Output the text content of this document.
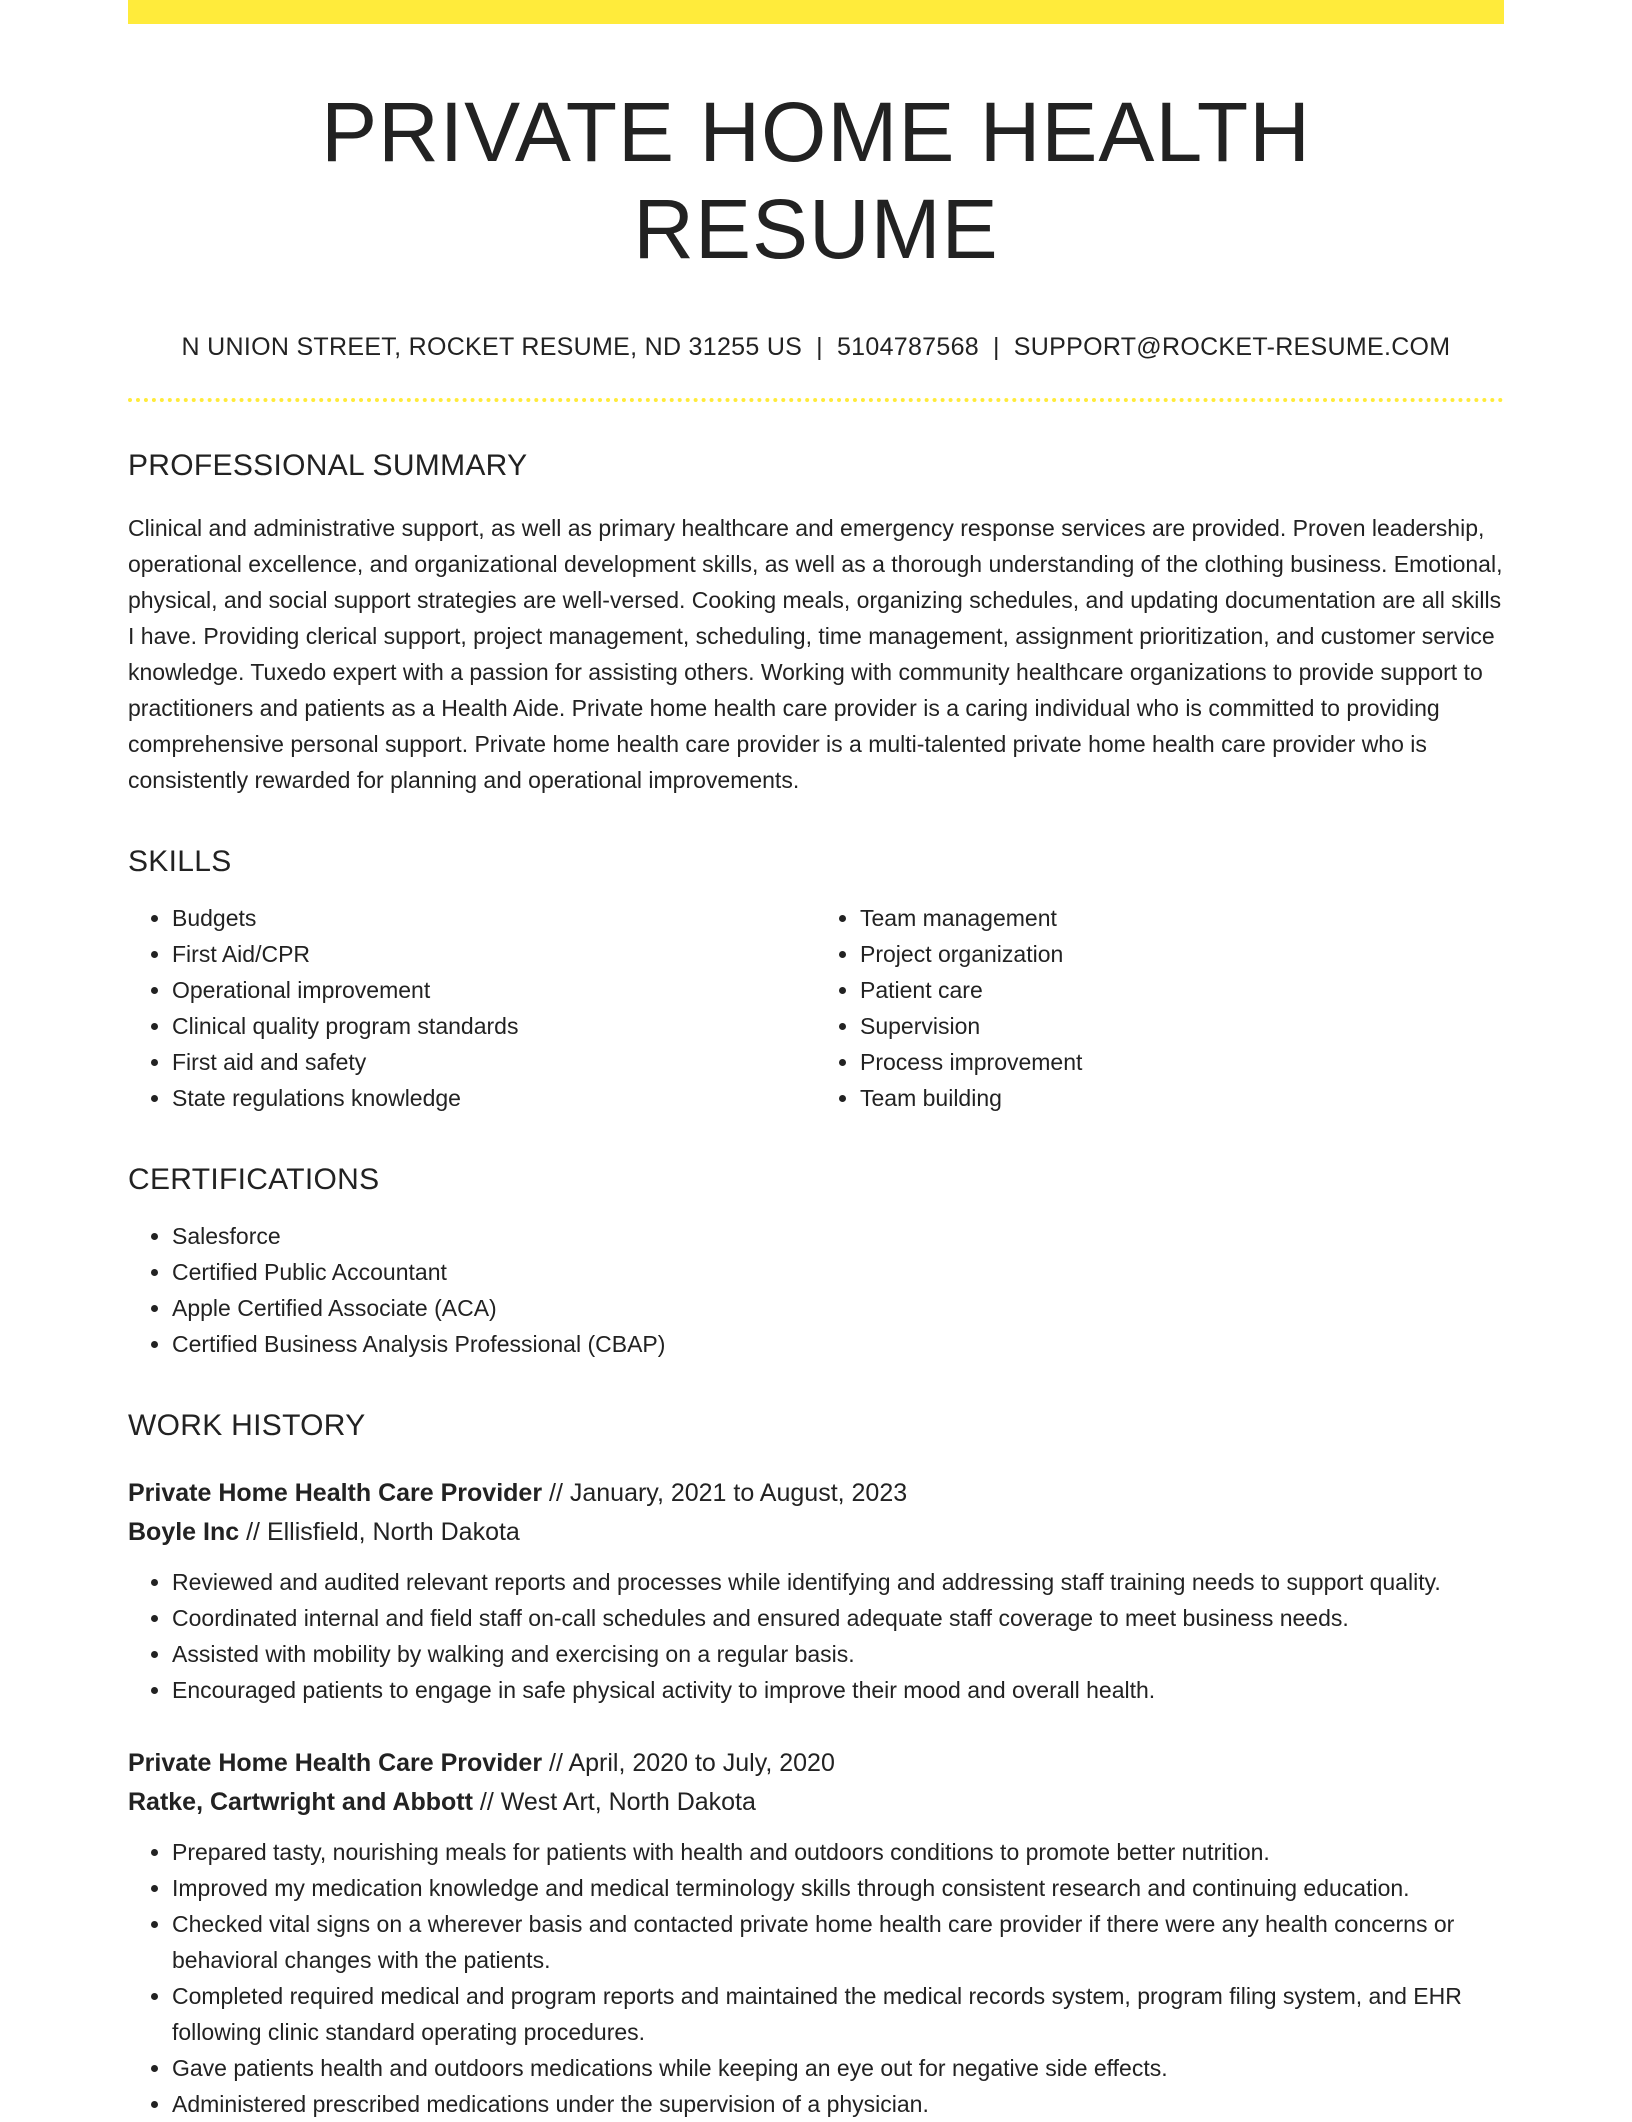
PRIVATE HOME HEALTH RESUME
N UNION STREET, ROCKET RESUME, ND 31255 US | 5104787568 | SUPPORT@ROCKET-RESUME.COM
PROFESSIONAL SUMMARY
Clinical and administrative support, as well as primary healthcare and emergency response services are provided. Proven leadership, operational excellence, and organizational development skills, as well as a thorough understanding of the clothing business. Emotional, physical, and social support strategies are well-versed. Cooking meals, organizing schedules, and updating documentation are all skills I have. Providing clerical support, project management, scheduling, time management, assignment prioritization, and customer service knowledge. Tuxedo expert with a passion for assisting others. Working with community healthcare organizations to provide support to practitioners and patients as a Health Aide. Private home health care provider is a caring individual who is committed to providing comprehensive personal support. Private home health care provider is a multi-talented private home health care provider who is consistently rewarded for planning and operational improvements.
SKILLS
• Budgets
• First Aid/CPR
• Operational improvement
• Clinical quality program standards
• First aid and safety
• State regulations knowledge
• Team management
• Project organization
• Patient care
• Supervision
• Process improvement
• Team building
CERTIFICATIONS
• Salesforce
• Certified Public Accountant
• Apple Certified Associate (ACA)
• Certified Business Analysis Professional (CBAP)
WORK HISTORY
Private Home Health Care Provider // January, 2021 to August, 2023
Boyle Inc // Ellisfield, North Dakota
• Reviewed and audited relevant reports and processes while identifying and addressing staff training needs to support quality.
• Coordinated internal and field staff on-call schedules and ensured adequate staff coverage to meet business needs.
• Assisted with mobility by walking and exercising on a regular basis.
• Encouraged patients to engage in safe physical activity to improve their mood and overall health.
Private Home Health Care Provider // April, 2020 to July, 2020
Ratke, Cartwright and Abbott // West Art, North Dakota
• Prepared tasty, nourishing meals for patients with health and outdoors conditions to promote better nutrition.
• Improved my medication knowledge and medical terminology skills through consistent research and continuing education.
• Checked vital signs on a wherever basis and contacted private home health care provider if there were any health concerns or behavioral changes with the patients.
• Completed required medical and program reports and maintained the medical records system, program filing system, and EHR following clinic standard operating procedures.
• Gave patients health and outdoors medications while keeping an eye out for negative side effects.
• Administered prescribed medications under the supervision of a physician.
